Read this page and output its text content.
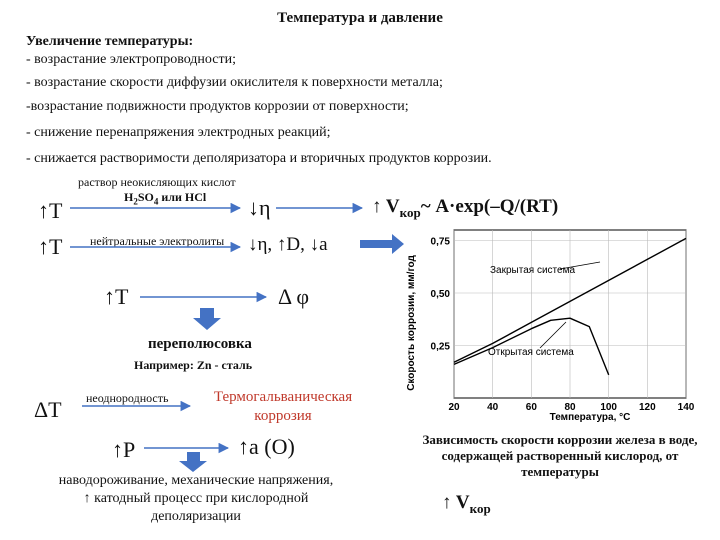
Температура и давление
Увеличение температуры:
- возрастание электропроводности;
- возрастание скорости диффузии окислителя к поверхности металла;
-возрастание подвижности продуктов коррозии от поверхности;
- снижение перенапряжения электродных реакций;
- снижается растворимости деполяризатора и вторичных продуктов коррозии.
раствор неокисляющих кислот
$H_2SO_4$ или HCl
↑T	↓η	↑ $V_{кор}\sim$ A·exp(–Q/(RT)
↑T нейтральные электролиты ↓η, ↑D, ↓a
↑T	Δ φ
переполюсовка
Например: Zn - сталь
ΔT неоднородность	Термогальваническая
коррозия
↑P	↑a (O)
наводороживание, механические напряжения, ↑ катодный процесс при кислородной деполяризации
↑ $V_{кор}$
Зависимость скорости коррозии железа в воде, содержащей растворенный кислород, от температуры
20	40	60	80 100 120 140
0,25
0,50
0,75
Скорость коррозии, мм/год
Температура, °С
Закрытая система
Открытая система
